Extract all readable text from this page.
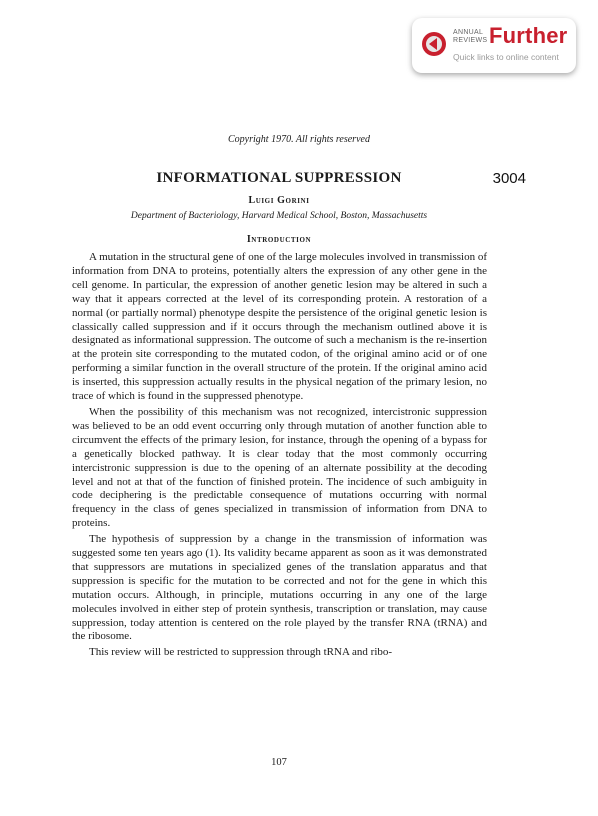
ANNUAL
REVIEWS Further
Quick links to online content
Copyright 1970. All rights reserved
INFORMATIONAL SUPPRESSION	3004
Luigi Gorini
Department of Bacteriology, Harvard Medical School, Boston, Massachusetts
Introduction

A mutation in the structural gene of one of the large molecules involved in transmission of information from DNA to proteins, potentially alters the expression of any other gene in the cell genome. In particular, the expression of another genetic lesion may be altered in such a way that it appears corrected at the level of its corresponding protein. A restoration of a normal (or partially normal) phenotype despite the persistence of the original genetic lesion is classically called suppression and if it occurs through the mechanism outlined above it is designated as informational suppression. The outcome of such a mechanism is the re-insertion at the protein site corresponding to the mutated codon, of the original amino acid or of one performing a similar function in the overall structure of the protein. If the original amino acid is inserted, this suppression actually results in the physical negation of the primary lesion, no trace of which is found in the suppressed phenotype.

When the possibility of this mechanism was not recognized, intercistronic suppression was believed to be an odd event occurring only through mutation of another function able to circumvent the effects of the primary lesion, for instance, through the opening of a bypass for a genetically blocked pathway. It is clear today that the most commonly occurring intercistronic suppression is due to the opening of an alternate possibility at the decoding level and not at that of the function of finished protein. The incidence of such ambiguity in code deciphering is the predictable consequence of mutations occurring with normal frequency in the class of genes specialized in transmission of information from DNA to proteins.

The hypothesis of suppression by a change in the transmission of information was suggested some ten years ago (1). Its validity became apparent as soon as it was demonstrated that suppressors are mutations in specialized genes of the translation apparatus and that suppression is specific for the mutation to be corrected and not for the gene in which this mutation occurs. Although, in principle, mutations occurring in any one of the large molecules involved in either step of protein synthesis, transcription or translation, may cause suppression, today attention is centered on the role played by the transfer RNA (tRNA) and the ribosome.

This review will be restricted to suppression through tRNA and ribo-

107
